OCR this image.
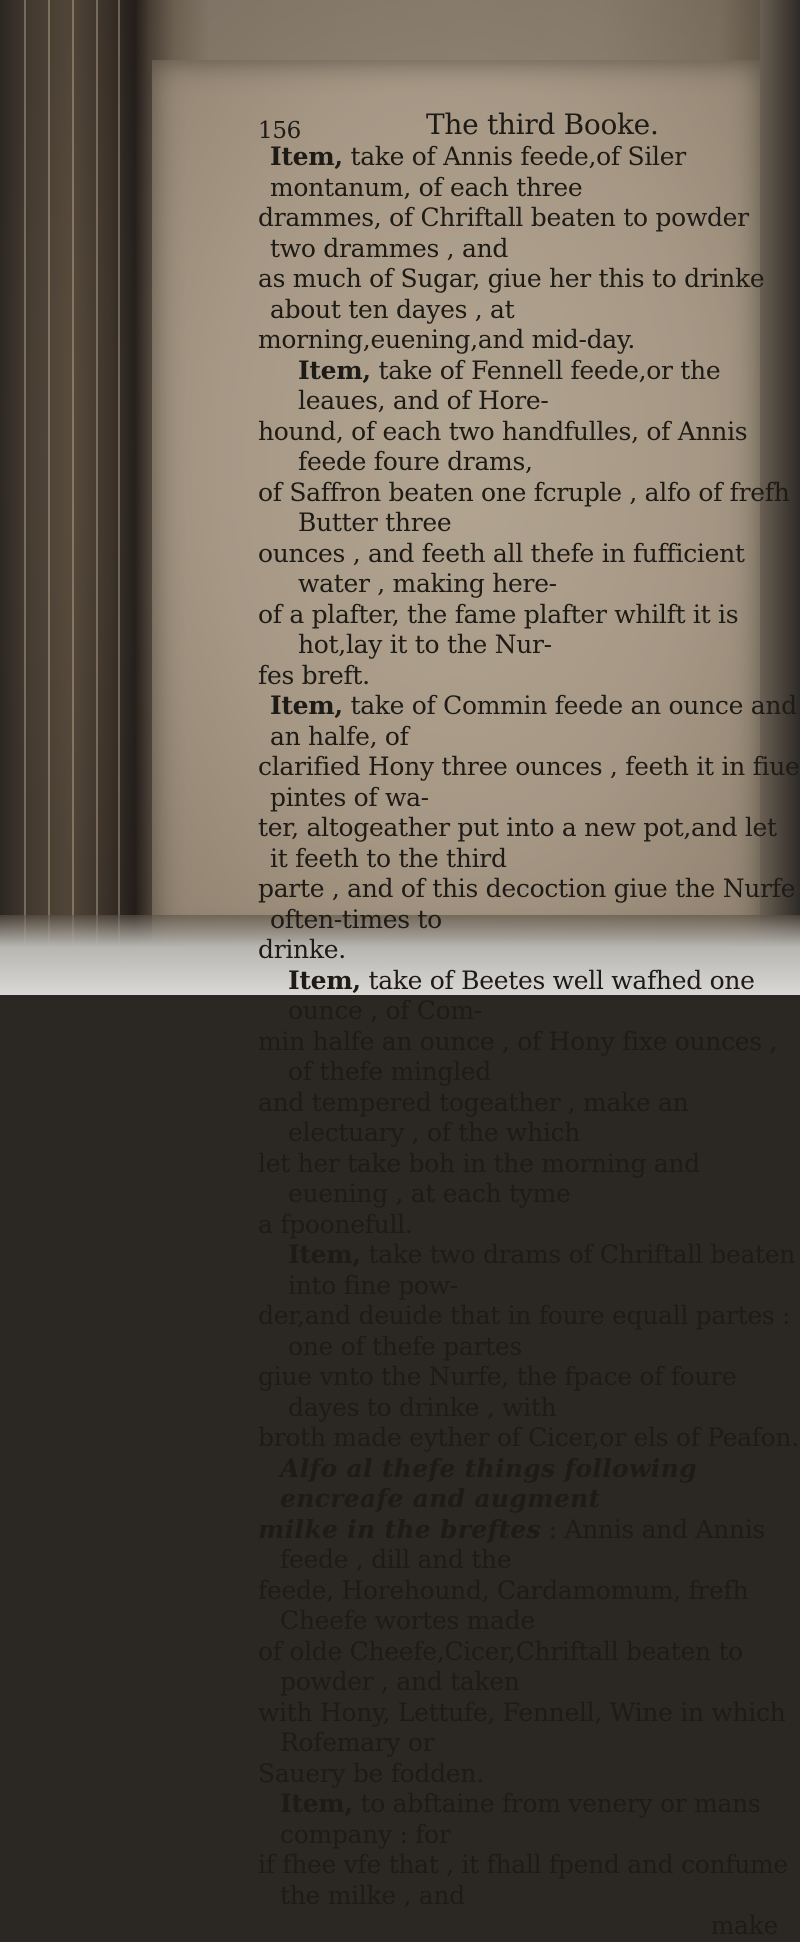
156	The third Booke.
Item, take of Annis feede,of Siler montanum, of each three
drammes, of Chriftall beaten to powder two drammes , and
as much of Sugar, giue her this to drinke about ten dayes , at
morning,euening,and mid-day.
Item, take of Fennell feede,or the leaues, and of Hore-
hound, of each two handfulles, of Annis feede foure drams,
of Saffron beaten one fcruple , alfo of frefh Butter three
ounces , and feeth all thefe in fufficient water , making here-
of a plafter, the fame plafter whilft it is hot,lay it to the Nur-
fes breft.
Item, take of Commin feede an ounce and an halfe, of
clarified Hony three ounces , feeth it in fiue pintes of wa-
ter, altogeather put into a new pot,and let it feeth to the third
parte , and of this decoction giue the Nurfe often-times to
drinke.
Item, take of Beetes well wafhed one ounce , of Com-
min halfe an ounce , of Hony fixe ounces , of thefe mingled
and tempered togeather , make an electuary , of the which
let her take boh in the morning and euening , at each tyme
a fpoonefull.
Item, take two drams of Chriftall beaten into fine pow-
der,and deuide that in foure equall partes : one of thefe partes
giue vnto the Nurfe, the fpace of foure dayes to drinke , with
broth made eyther of Cicer,or els of Peafon.
Alfo al thefe things following encreafe and augment
milke in the breftes : Annis and Annis feede , dill and the
feede, Horehound, Cardamomum, frefh Cheefe wortes made
of olde Cheefe,Cicer,Chriftall beaten to powder , and taken
with Hony, Lettufe, Fennell, Wine in which Rofemary or
Sauery be fodden.
Item, to abftaine from venery or mans company : for
if fhee vfe that , it fhall fpend and confume the milke , and
make
